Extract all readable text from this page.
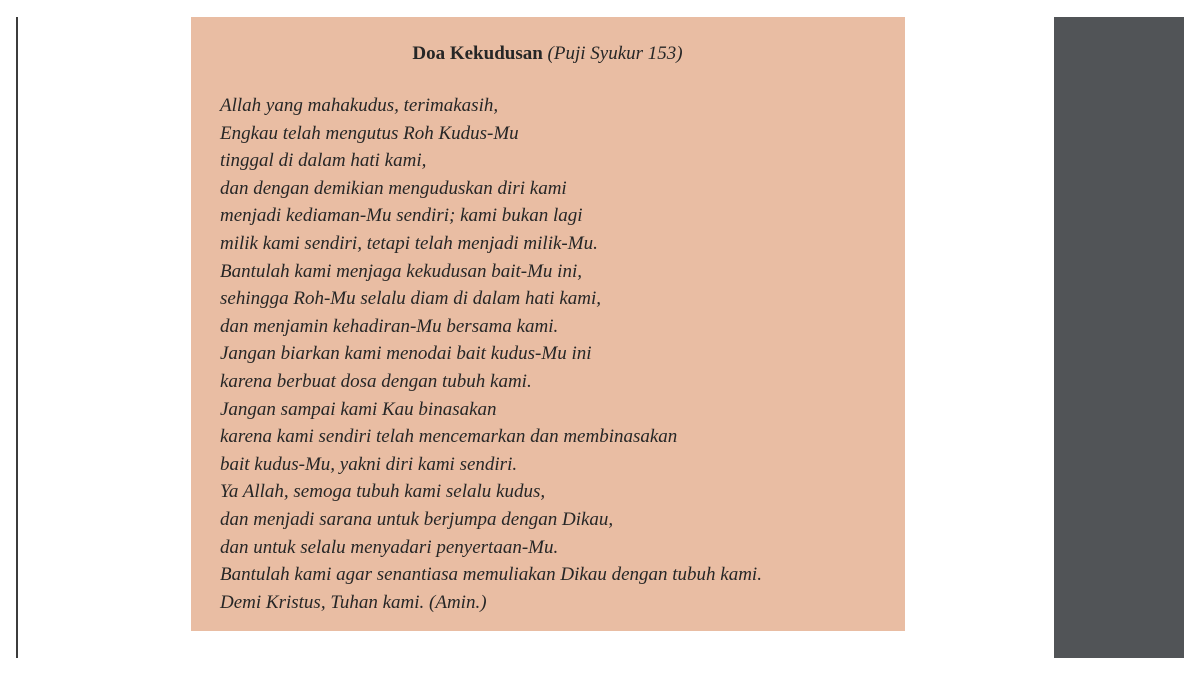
Doa Kekudusan (Puji Syukur 153)
Allah yang mahakudus, terimakasih,
Engkau telah mengutus Roh Kudus-Mu
tinggal di dalam hati kami,
dan dengan demikian menguduskan diri kami
menjadi kediaman-Mu sendiri; kami bukan lagi
milik kami sendiri, tetapi telah menjadi milik-Mu.
Bantulah kami menjaga kekudusan bait-Mu ini,
sehingga Roh-Mu selalu diam di dalam hati kami,
dan menjamin kehadiran-Mu bersama kami.
Jangan biarkan kami menodai bait kudus-Mu ini
karena berbuat dosa dengan tubuh kami.
Jangan sampai kami Kau binasakan
karena kami sendiri telah mencemarkan dan membinasakan
bait kudus-Mu, yakni diri kami sendiri.
Ya Allah, semoga tubuh kami selalu kudus,
dan menjadi sarana untuk berjumpa dengan Dikau,
dan untuk selalu menyadari penyertaan-Mu.
Bantulah kami agar senantiasa memuliakan Dikau dengan tubuh kami.
Demi Kristus, Tuhan kami. (Amin.)
